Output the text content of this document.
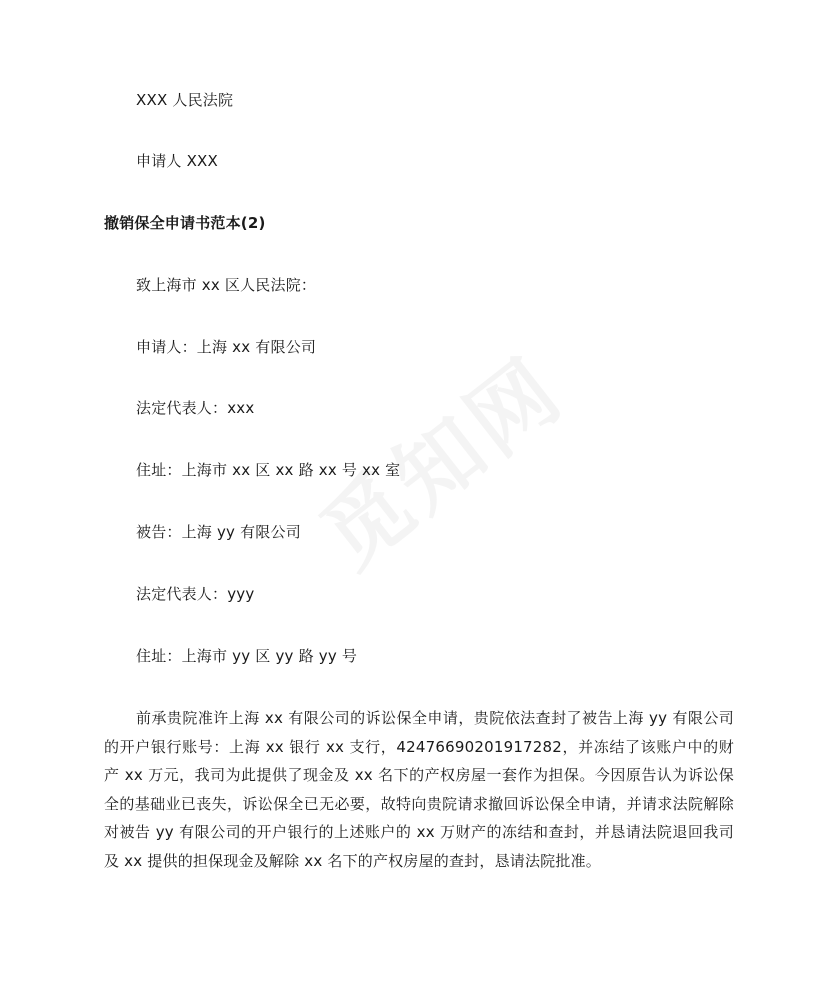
XXX 人民法院
申请人 XXX
撤销保全申请书范本(2)
致上海市 xx 区人民法院：
申请人：上海 xx 有限公司
法定代表人：xxx
住址：上海市 xx 区 xx 路 xx 号 xx 室
被告：上海 yy 有限公司
法定代表人：yyy
住址：上海市 yy 区 yy 路 yy 号
前承贵院准许上海 xx 有限公司的诉讼保全申请，贵院依法查封了被告上海 yy 有限公司的开户银行账号：上海 xx 银行 xx 支行，42476690201917282，并冻结了该账户中的财产 xx 万元，我司为此提供了现金及 xx 名下的产权房屋一套作为担保。今因原告认为诉讼保全的基础业已丧失，诉讼保全已无必要，故特向贵院请求撤回诉讼保全申请，并请求法院解除对被告 yy 有限公司的开户银行的上述账户的 xx 万财产的冻结和查封，并恳请法院退回我司及 xx 提供的担保现金及解除 xx 名下的产权房屋的查封，恳请法院批准。
